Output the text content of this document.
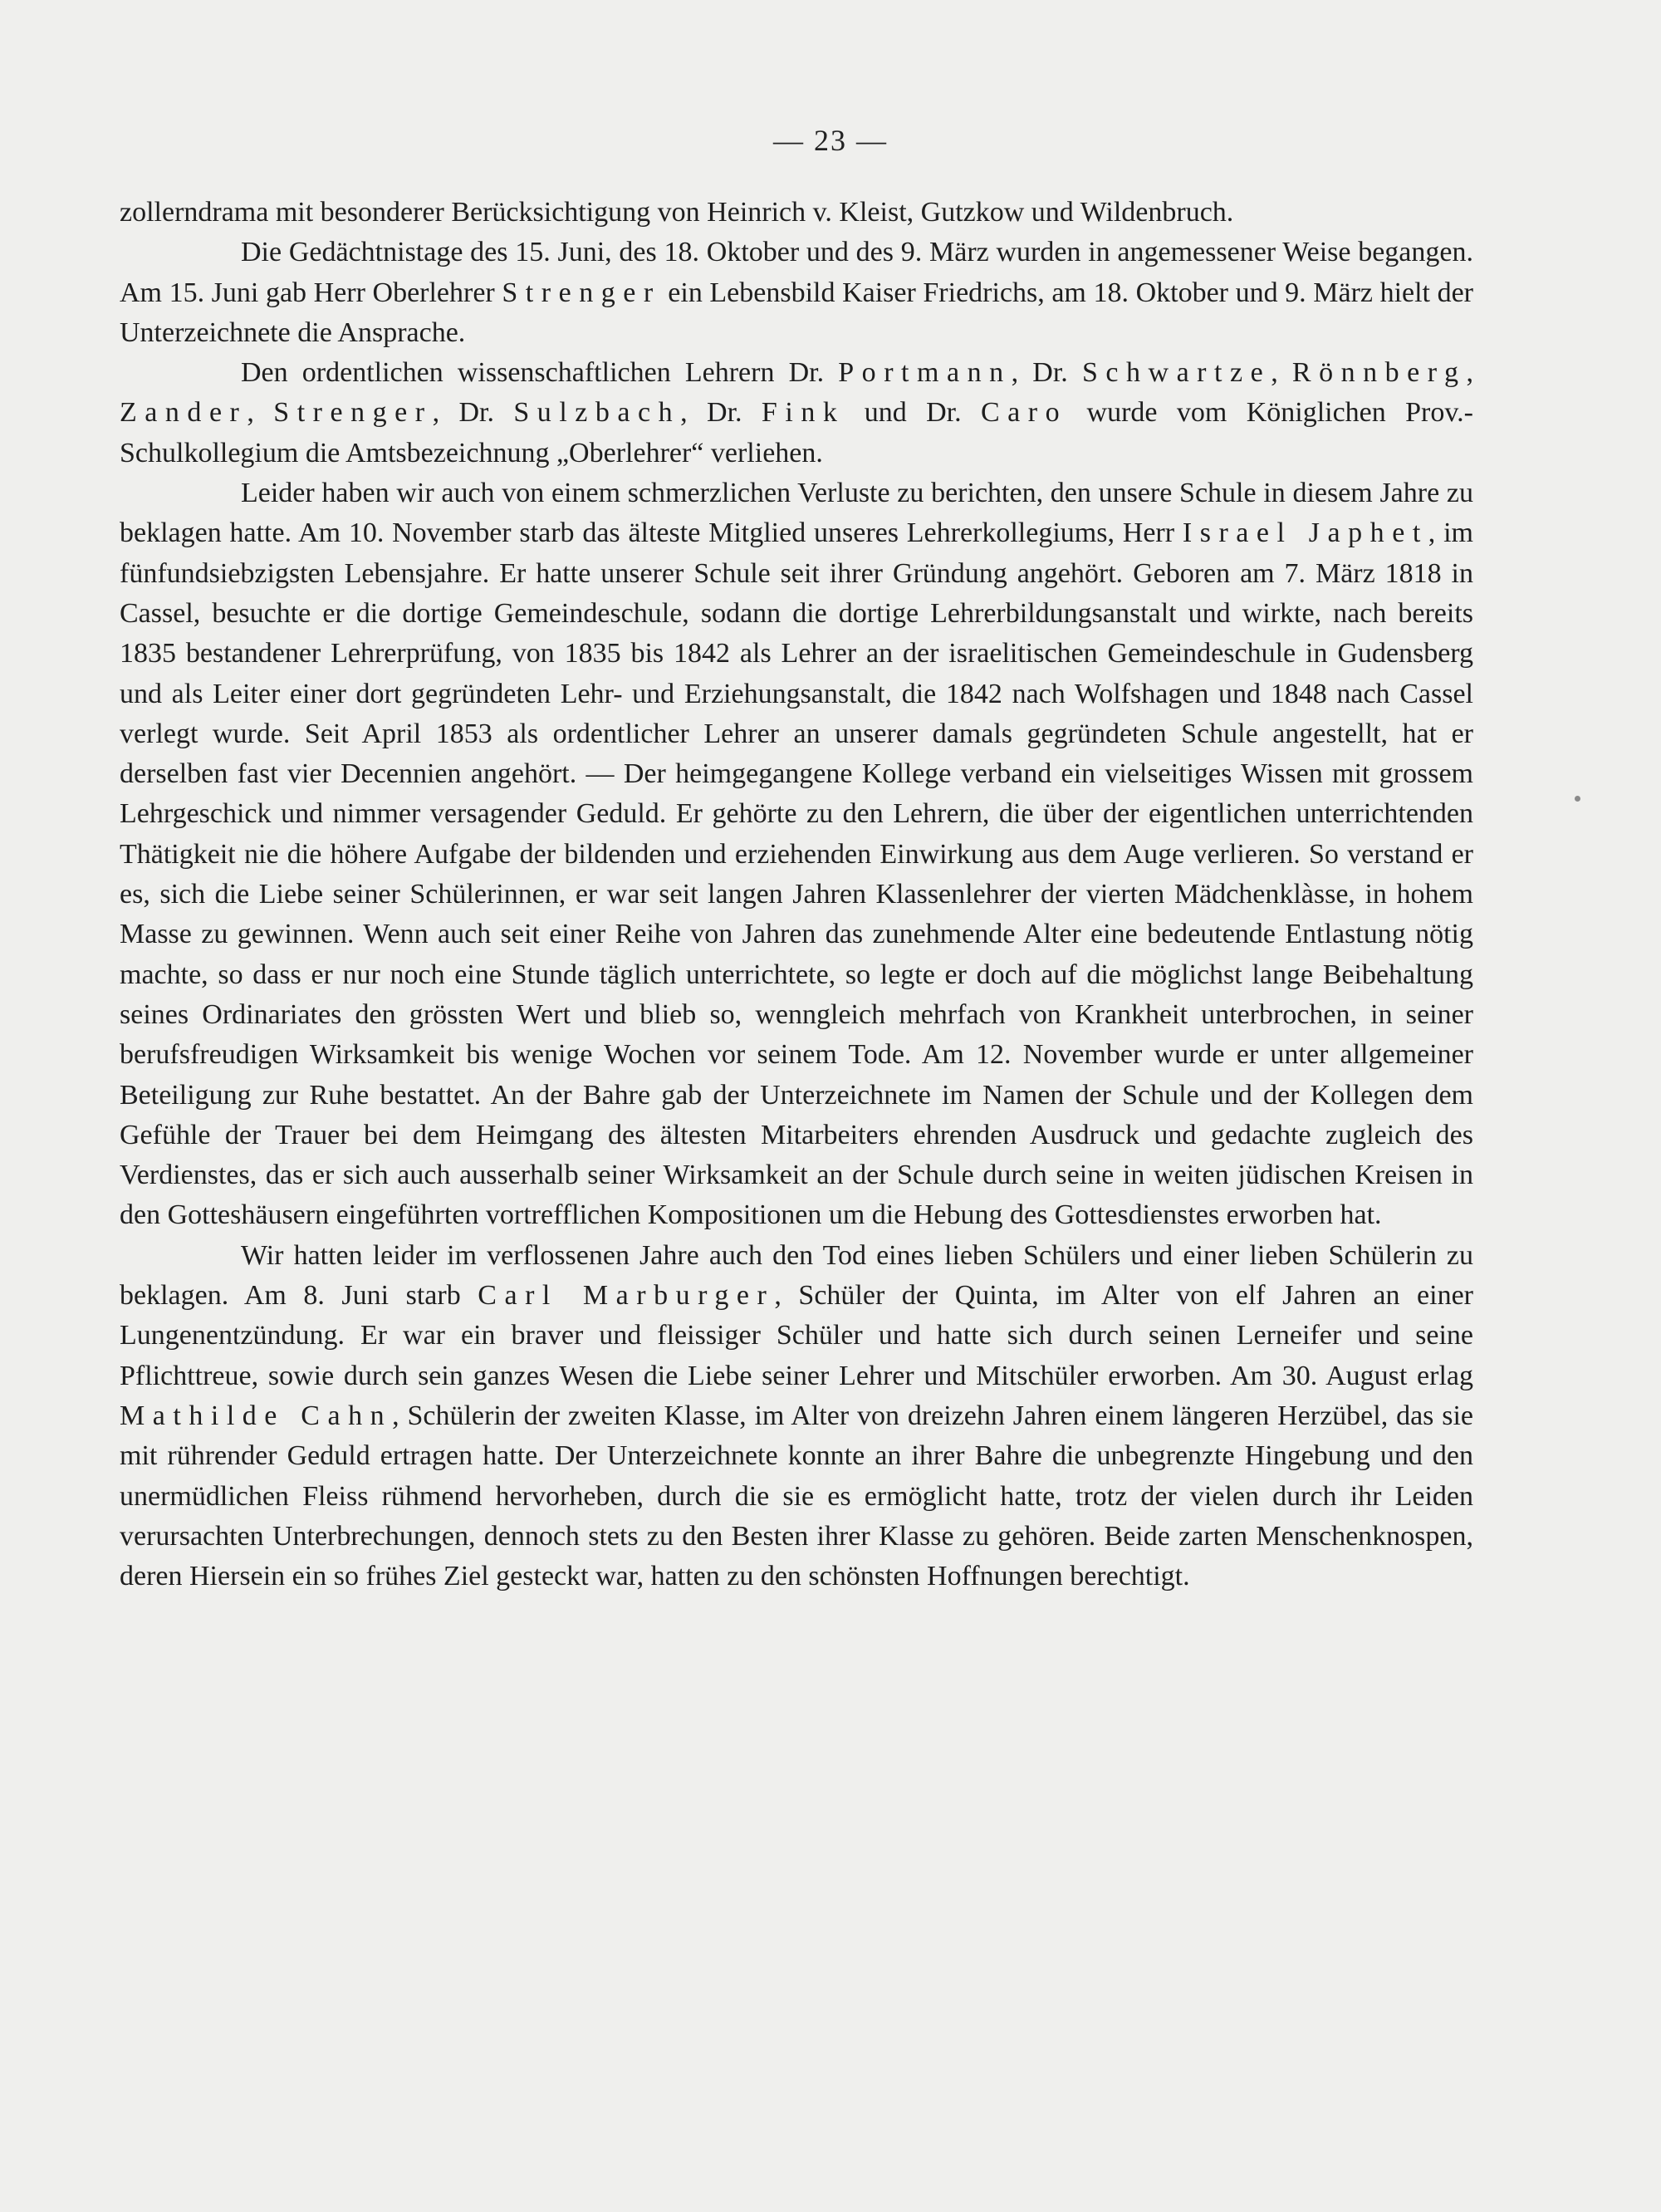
— 23 —

zollerndrama mit besonderer Berücksichtigung von Heinrich v. Kleist, Gutzkow und Wildenbruch.

Die Gedächtnistage des 15. Juni, des 18. Oktober und des 9. März wurden in angemessener Weise begangen. Am 15. Juni gab Herr Oberlehrer Strenger ein Lebensbild Kaiser Friedrichs, am 18. Oktober und 9. März hielt der Unterzeichnete die Ansprache.

Den ordentlichen wissenschaftlichen Lehrern Dr. Portmann, Dr. Schwartze, Rönnberg, Zander, Strenger, Dr. Sulzbach, Dr. Fink und Dr. Caro wurde vom Königlichen Prov.-Schulkollegium die Amtsbezeichnung „Oberlehrer“ verliehen.

Leider haben wir auch von einem schmerzlichen Verluste zu berichten, den unsere Schule in diesem Jahre zu beklagen hatte. Am 10. November starb das älteste Mitglied unseres Lehrerkollegiums, Herr Israel Japhet, im fünfundsiebzigsten Lebensjahre. Er hatte unserer Schule seit ihrer Gründung angehört. Geboren am 7. März 1818 in Cassel, besuchte er die dortige Gemeindeschule, sodann die dortige Lehrerbildungsanstalt und wirkte, nach bereits 1835 bestandener Lehrerprüfung, von 1835 bis 1842 als Lehrer an der israelitischen Gemeindeschule in Gudensberg und als Leiter einer dort gegründeten Lehr- und Erziehungsanstalt, die 1842 nach Wolfshagen und 1848 nach Cassel verlegt wurde. Seit April 1853 als ordentlicher Lehrer an unserer damals gegründeten Schule angestellt, hat er derselben fast vier Decennien angehört. — Der heimgegangene Kollege verband ein vielseitiges Wissen mit grossem Lehrgeschick und nimmer versagender Geduld. Er gehörte zu den Lehrern, die über der eigentlichen unterrichtenden Thätigkeit nie die höhere Aufgabe der bildenden und erziehenden Einwirkung aus dem Auge verlieren. So verstand er es, sich die Liebe seiner Schülerinnen, er war seit langen Jahren Klassenlehrer der vierten Mädchenklàsse, in hohem Masse zu gewinnen. Wenn auch seit einer Reihe von Jahren das zunehmende Alter eine bedeutende Entlastung nötig machte, so dass er nur noch eine Stunde täglich unterrichtete, so legte er doch auf die möglichst lange Beibehaltung seines Ordinariates den grössten Wert und blieb so, wenngleich mehrfach von Krankheit unterbrochen, in seiner berufsfreudigen Wirksamkeit bis wenige Wochen vor seinem Tode. Am 12. November wurde er unter allgemeiner Beteiligung zur Ruhe bestattet. An der Bahre gab der Unterzeichnete im Namen der Schule und der Kollegen dem Gefühle der Trauer bei dem Heimgang des ältesten Mitarbeiters ehrenden Ausdruck und gedachte zugleich des Verdienstes, das er sich auch ausserhalb seiner Wirksamkeit an der Schule durch seine in weiten jüdischen Kreisen in den Gotteshäusern eingeführten vortrefflichen Kompositionen um die Hebung des Gottesdienstes erworben hat.

Wir hatten leider im verflossenen Jahre auch den Tod eines lieben Schülers und einer lieben Schülerin zu beklagen. Am 8. Juni starb Carl Marburger, Schüler der Quinta, im Alter von elf Jahren an einer Lungenentzündung. Er war ein braver und fleissiger Schüler und hatte sich durch seinen Lerneifer und seine Pflichttreue, sowie durch sein ganzes Wesen die Liebe seiner Lehrer und Mitschüler erworben. Am 30. August erlag Mathilde Cahn, Schülerin der zweiten Klasse, im Alter von dreizehn Jahren einem längeren Herzübel, das sie mit rührender Geduld ertragen hatte. Der Unterzeichnete konnte an ihrer Bahre die unbegrenzte Hingebung und den unermüdlichen Fleiss rühmend hervorheben, durch die sie es ermöglicht hatte, trotz der vielen durch ihr Leiden verursachten Unterbrechungen, dennoch stets zu den Besten ihrer Klasse zu gehören. Beide zarten Menschenknospen, deren Hiersein ein so frühes Ziel gesteckt war, hatten zu den schönsten Hoffnungen berechtigt.
